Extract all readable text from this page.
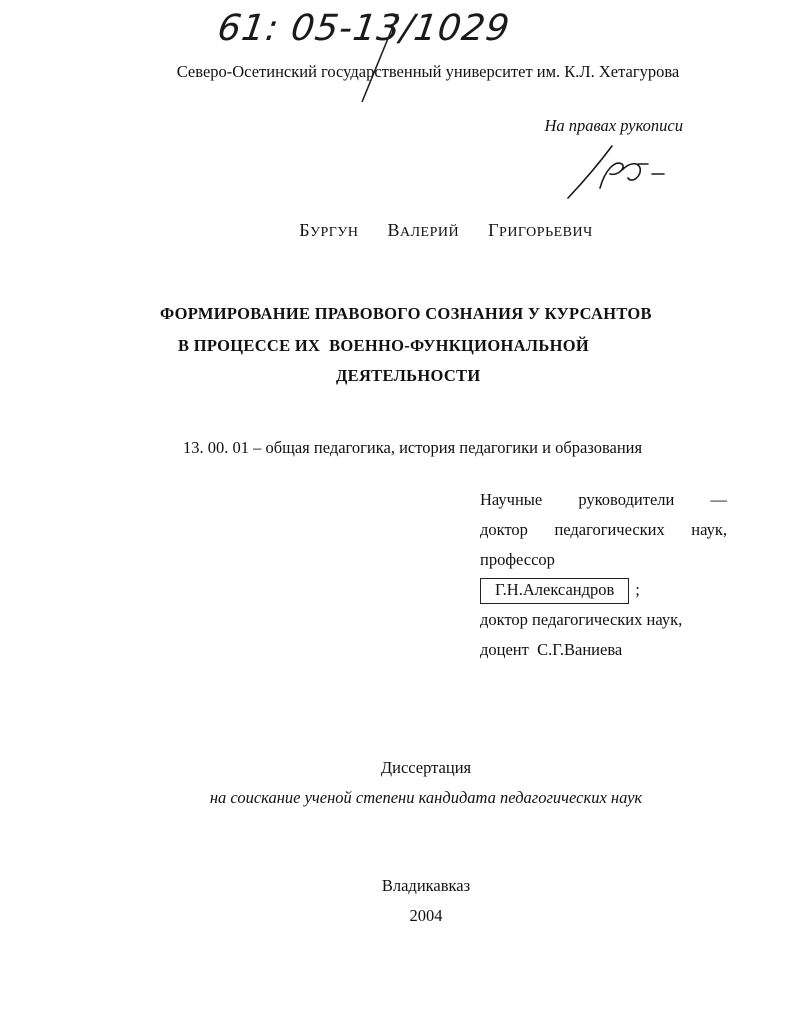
61: 05-13/1029
Северо-Осетинский государственный университет им. К.Л. Хетагурова
На правах рукописи
БУРГУН ВАЛЕРИЙ ГРИГОРЬЕВИЧ
ФОРМИРОВАНИЕ ПРАВОВОГО СОЗНАНИЯ У КУРСАНТОВ
В ПРОЦЕССЕ ИХ  ВОЕННО-ФУНКЦИОНАЛЬНОЙ
ДЕЯТЕЛЬНОСТИ
13. 00. 01 – общая педагогика, история педагогики и образования
Научные   руководители   —
доктор   педагогических   наук,
профессор
Г.Н.Александров ;
доктор педагогических наук,
доцент  С.Г.Ваниева
Диссертация
на соискание ученой степени кандидата педагогических наук
Владикавказ
2004
